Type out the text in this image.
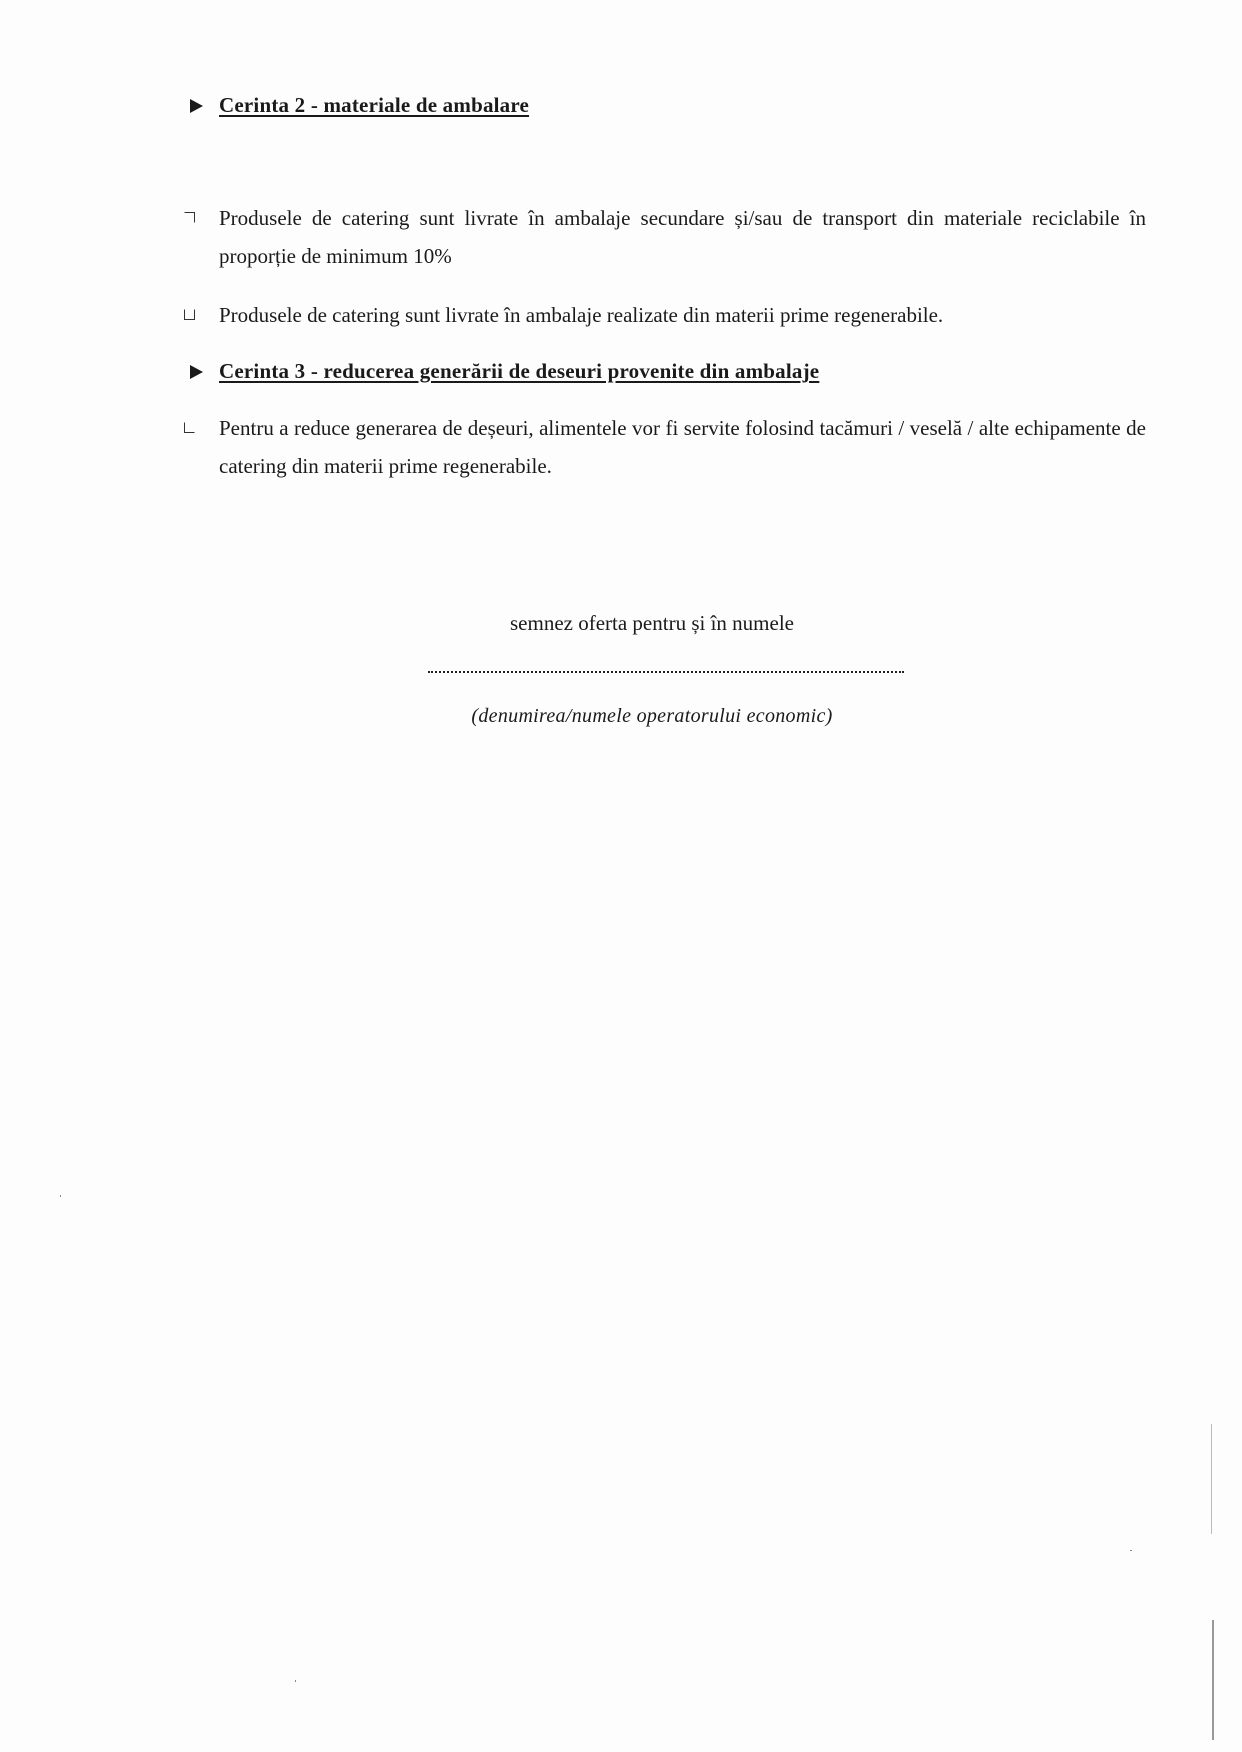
Cerinta 2 - materiale de ambalare
Produsele de catering sunt livrate în ambalaje secundare și/sau de transport din materiale reciclabile în proporție de minimum 10%
Produsele de catering sunt livrate în ambalaje realizate din materii prime regenerabile.
Cerinta 3 - reducerea generării de deseuri provenite din ambalaje
Pentru a reduce generarea de deșeuri, alimentele vor fi servite folosind tacămuri / veselă / alte echipamente de catering din materii prime regenerabile.
semnez oferta pentru și în numele
(denumirea/numele operatorului economic)
